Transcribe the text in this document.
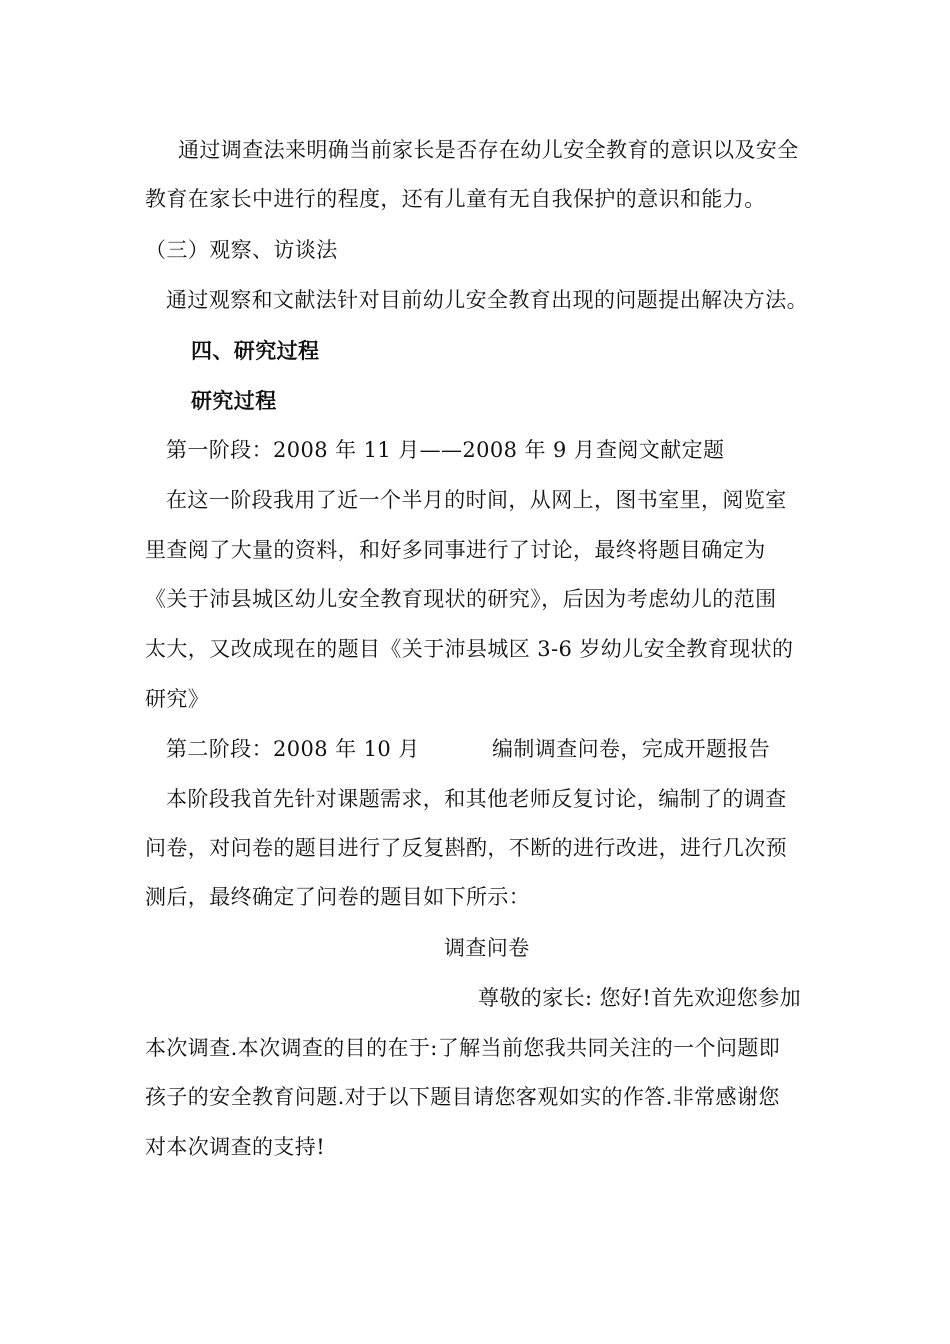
通过调查法来明确当前家长是否存在幼儿安全教育的意识以及安全
教育在家长中进行的程度，还有儿童有无自我保护的意识和能力。
（三）观察、访谈法
通过观察和文献法针对目前幼儿安全教育出现的问题提出解决方法。
四、研究过程
研究过程
第一阶段：2008 年 11 月——2008 年 9 月 查阅文献定题
在这一阶段我用了近一个半月的时间，从网上，图书室里，阅览室
里查阅了大量的资料，和好多同事进行了讨论，最终将题目确定为
《关于沛县城区幼儿安全教育现状的研究》，后因为考虑幼儿的范围
太大，又改成现在的题目《关于沛县城区 3-6 岁幼儿安全教育现状的
研究》
第二阶段：2008 年 10 月	编制调查问卷，完成开题报告
本阶段我首先针对课题需求，和其他老师反复讨论，编制了的调查
问卷，对问卷的题目进行了反复斟酌，不断的进行改进，进行几次预
测后，最终确定了问卷的题目如下所示：
调查问卷
尊敬的家长: 您好!首先欢迎您参加
本次调查.本次调查的目的在于:了解当前您我共同关注的一个问题即
孩子的安全教育问题.对于以下题目请您客观如实的作答.非常感谢您
对本次调查的支持!
